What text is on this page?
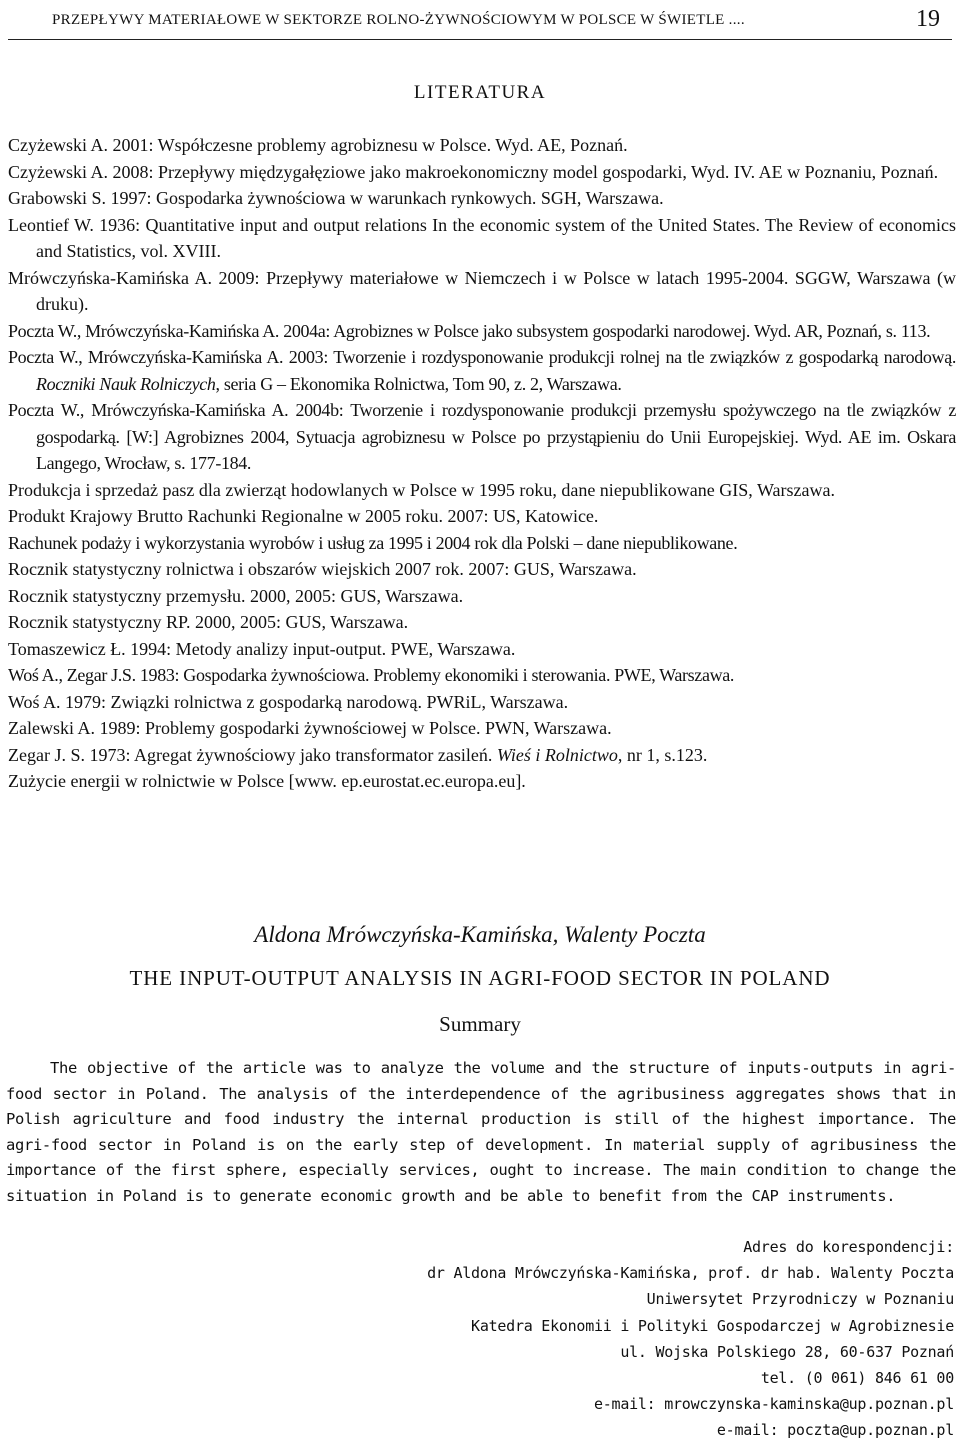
PRZEPŁYWY MATERIAŁOWE W SEKTORZE ROLNO-ŻYWNOŚCIOWYM W POLSCE W ŚWIETLE ....	19
LITERATURA

Czyżewski A. 2001: Współczesne problemy agrobiznesu w Polsce. Wyd. AE, Poznań.

Czyżewski A. 2008: Przepływy międzygałęziowe jako makroekonomiczny model gospodarki, Wyd. IV. AE w Poznaniu, Poznań.

Grabowski S. 1997: Gospodarka żywnościowa w warunkach rynkowych. SGH, Warszawa.

Leontief W. 1936: Quantitative input and output relations In the economic system of the United States. The Review of economics and Statistics, vol. XVIII.

Mrówczyńska-Kamińska A. 2009: Przepływy materiałowe w Niemczech i w Polsce w latach 1995-2004. SGGW, Warszawa (w druku).

Poczta W., Mrówczyńska-Kamińska A. 2004a: Agrobiznes w Polsce jako subsystem gospodarki narodowej. Wyd. AR, Poznań, s. 113.

Poczta W., Mrówczyńska-Kamińska A. 2003: Tworzenie i rozdysponowanie produkcji rolnej na tle związków z gospodarką narodową. Roczniki Nauk Rolniczych, seria G – Ekonomika Rolnictwa, Tom 90, z. 2, Warszawa.

Poczta W., Mrówczyńska-Kamińska A. 2004b: Tworzenie i rozdysponowanie produkcji przemysłu spożywczego na tle związków z gospodarką. [W:] Agrobiznes 2004, Sytuacja agrobiznesu w Polsce po przystąpieniu do Unii Europejskiej. Wyd. AE im. Oskara Langego, Wrocław, s. 177-184.

Produkcja i sprzedaż pasz dla zwierząt hodowlanych w Polsce w 1995 roku, dane niepublikowane GIS, Warszawa.

Produkt Krajowy Brutto Rachunki Regionalne w 2005 roku. 2007: US, Katowice.

Rachunek podaży i wykorzystania wyrobów i usług za 1995 i 2004 rok dla Polski – dane niepublikowane.

Rocznik statystyczny rolnictwa i obszarów wiejskich 2007 rok. 2007: GUS, Warszawa.

Rocznik statystyczny przemysłu. 2000, 2005: GUS, Warszawa.

Rocznik statystyczny RP. 2000, 2005: GUS, Warszawa.

Tomaszewicz Ł. 1994: Metody analizy input-output. PWE, Warszawa.

Woś A., Zegar J.S. 1983: Gospodarka żywnościowa. Problemy ekonomiki i sterowania. PWE, Warszawa.

Woś A. 1979: Związki rolnictwa z gospodarką narodową. PWRiL, Warszawa.

Zalewski A. 1989: Problemy gospodarki żywnościowej w Polsce. PWN, Warszawa.

Zegar J. S. 1973: Agregat żywnościowy jako transformator zasileń. Wieś i Rolnictwo, nr 1, s.123.

Zużycie energii w rolnictwie w Polsce [www. ep.eurostat.ec.europa.eu].

Aldona Mrówczyńska-Kamińska, Walenty Poczta
THE INPUT-OUTPUT ANALYSIS IN AGRI-FOOD SECTOR IN POLAND
Summary

The objective of the article was to analyze the volume and the structure of inputs-outputs in agri-food sector in Poland. The analysis of the interdependence of the agribusiness aggregates shows that in Polish agriculture and food industry the internal production is still of the highest importance. The agri-food sector in Poland is on the early step of development. In material supply of agribusiness the importance of the first sphere, especially services, ought to increase. The main condition to change the situation in Poland is to generate economic growth and be able to benefit from the CAP instruments.

Adres do korespondencji:
dr Aldona Mrówczyńska-Kamińska, prof. dr hab. Walenty Poczta
Uniwersytet Przyrodniczy w Poznaniu
Katedra Ekonomii i Polityki Gospodarczej w Agrobiznesie
ul. Wojska Polskiego 28, 60-637 Poznań
tel. (0 061) 846 61 00
e-mail: mrowczynska-kaminska@up.poznan.pl
e-mail: poczta@up.poznan.pl
